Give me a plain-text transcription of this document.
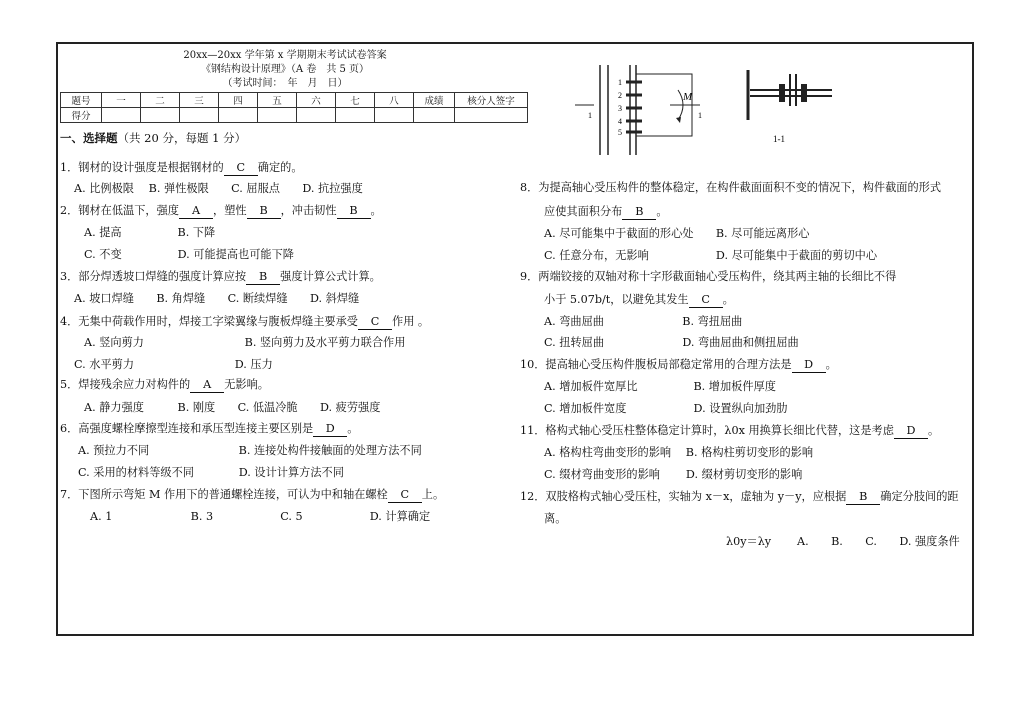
20xx—20xx 学年第 x 学期期末考试试卷答案
《钢结构设计原理》（A 卷　共 5 页）
（考试时间：　年　月　日）
题号	一	二	三	四	五	六	七	八	成绩	核分人签字
得分										
一、选择题（共 20 分，每题 1 分）
1．钢材的设计强度是根据钢材的 C 确定的。
A. 比例极限　 B. 弹性极限　　C. 屈服点　　D. 抗拉强度
2．钢材在低温下，强度 A ，塑性 B ，冲击韧性 B 。
A. 提高　　　　　B. 下降
C. 不变　　　　　D. 可能提高也可能下降
3．部分焊透坡口焊缝的强度计算应按 B 强度计算公式计算。
A. 坡口焊缝　　B. 角焊缝　　C. 断续焊缝　　D. 斜焊缝
4．无集中荷载作用时，焊接工字梁翼缘与腹板焊缝主要承受 C 作用 。
A. 竖向剪力　　　　　　　　　B. 竖向剪力及水平剪力联合作用
C. 水平剪力　　　　　　　　　D. 压力
5．焊接残余应力对构件的 A 无影响。
A. 静力强度　　　B. 刚度　　C. 低温冷脆　　D. 疲劳强度
6．高强度螺栓摩擦型连接和承压型连接主要区别是 D 。
A. 预拉力不同　　　　　　　　B. 连接处构件接触面的处理方法不同
C. 采用的材料等级不同　　　　D. 设计计算方法不同
7．下图所示弯矩 M 作用下的普通螺栓连接，可认为中和轴在螺栓 C 上。
A. 1　　　　　　　B. 3　　　　　　C. 5　　　　　　D. 计算确定
8．为提高轴心受压构件的整体稳定，在构件截面面积不变的情况下，构件截面的形式
应使其面积分布 B 。
A. 尽可能集中于截面的形心处　　B. 尽可能远离形心
C. 任意分布，无影响　　　　　　D. 尽可能集中于截面的剪切中心
9．两端铰接的双轴对称十字形截面轴心受压构件，绕其两主轴的长细比不得
小于 5.07b/t，以避免其发生 C 。
A. 弯曲屈曲　　　　　　　B. 弯扭屈曲
C. 扭转屈曲　　　　　　　D. 弯曲屈曲和侧扭屈曲
10．提高轴心受压构件腹板局部稳定常用的合理方法是 D 。
A. 增加板件宽厚比　　　　　B. 增加板件厚度
C. 增加板件宽度　　　　　　D. 设置纵向加劲肋
11．格构式轴心受压柱整体稳定计算时，λ0x 用换算长细比代替，这是考虑 D 。
A. 格构柱弯曲变形的影响　 B. 格构柱剪切变形的影响
C. 缀材弯曲变形的影响　　 D. 缀材剪切变形的影响
12．双肢格构式轴心受压柱，实轴为 x－x，虚轴为 y－y，应根据 B 确定分肢间的距
离。
λ0y＝λy　　 A.　　B.　　C.　　D. 强度条件
M
1
2
3
4
5
1	1
1-1
